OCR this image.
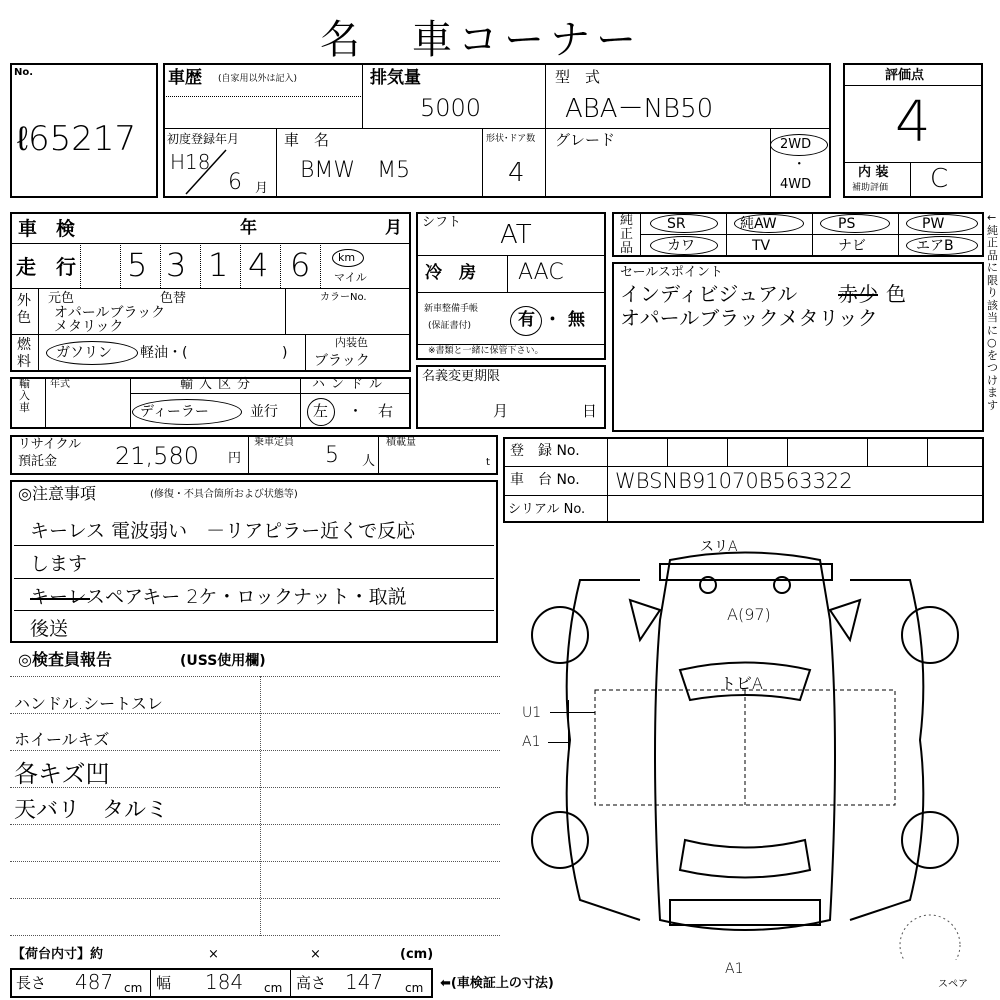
名　車コーナー
No.
ℓ65217
車歴 (自家用以外は記入)	排気量
5000
型　式
ABA－NB50
初度登録年月
H18
6 月
車　名
BMW　M5
形状･ドア数
4
グレード	2WD
･
4WD
評価点
4
内 装
補助評価 C
車　検	年	月
走　行 5 3 1 4 6	km
マイル
外色
元色	色替
オパールブラック
メタリック
カラーNo.
燃料
ガソリン 軽油・(	)
内装色
ブラック
シフト AT
冷　房 AAC
新車整備手帳
(保証書付)	有 ・ 無
※書類と一緒に保管下さい。
純正品
SR	純AW	PS	PW
カワ	TV	ナビ	エアB
←純正品に限り該当に○をつけます
セールスポイント
インディビジュアル 赤少 色
オパールブラックメタリック
輸入車
年式	輸入区分
ディーラー	並行
ハンドル
左 ・ 右
名義変更期限
月	日
リサイクル
預託金 21,580 円
乗車定員
5 人
積載量
t
登　録 No.
車　台 No. WBSNB91070B563322
シリアル No.
◎注意事項	(修復・不具合箇所および状態等)
キーレス 電波弱い　－リアピラー近くで反応
します
キーレスペアキー 2ケ・ロックナット・取説
後送
◎検査員報告	(USS使用欄)
ハンドル.シートスレ
ホイールキズ
各キズ凹
天バリ　タルミ
スリA
A(97)
トビA
U1
A1
A1
スペア
【荷台内寸】約	×	×	(cm)
長さ 487 cm 幅 184 cm 高さ 147 cm ⬅(車検証上の寸法)
